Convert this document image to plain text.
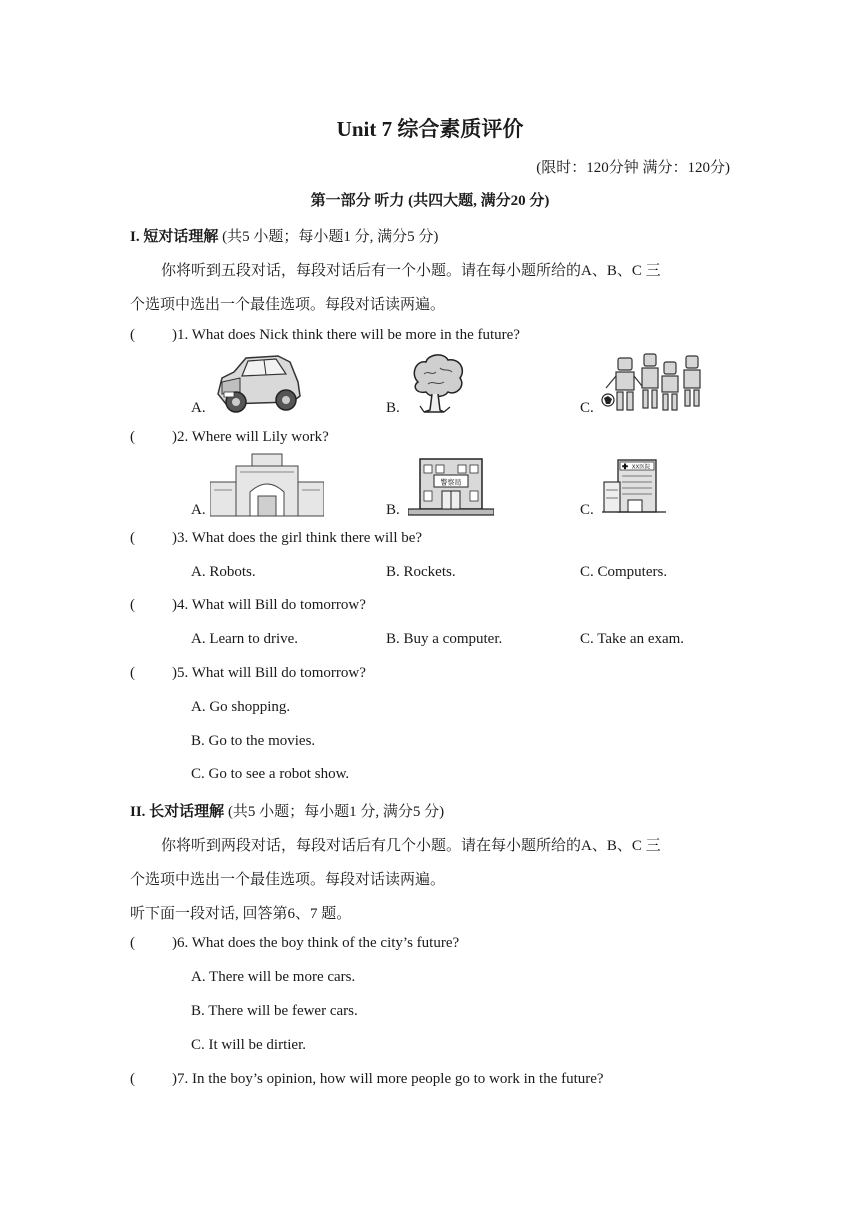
Unit 7 综合素质评价
(限时：120分钟 满分：120分)
第一部分 听力 (共四大题, 满分20 分)
I. 短对话理解 (共5 小题；每小题1 分, 满分5 分)
你将听到五段对话，每段对话后有一个小题。请在每小题所给的A、B、C 三
个选项中选出一个最佳选项。每段对话读两遍。
( )1. What does Nick think there will be more in the future?
A.	B.	C.
( )2. Where will Lily work?
A.	B.	C.
警察局
XX医院
( )3. What does the girl think there will be?
A. Robots.	B. Rockets.	C. Computers.
( )4. What will Bill do tomorrow?
A. Learn to drive.	B. Buy a computer.	C. Take an exam.
( )5. What will Bill do tomorrow?
A. Go shopping.
B. Go to the movies.
C. Go to see a robot show.
II. 长对话理解 (共5 小题；每小题1 分, 满分5 分)
你将听到两段对话，每段对话后有几个小题。请在每小题所给的A、B、C 三
个选项中选出一个最佳选项。每段对话读两遍。
听下面一段对话, 回答第6、7 题。
( )6. What does the boy think of the city’s future?
A. There will be more cars.
B. There will be fewer cars.
C. It will be dirtier.
( )7. In the boy’s opinion, how will more people go to work in the future?
